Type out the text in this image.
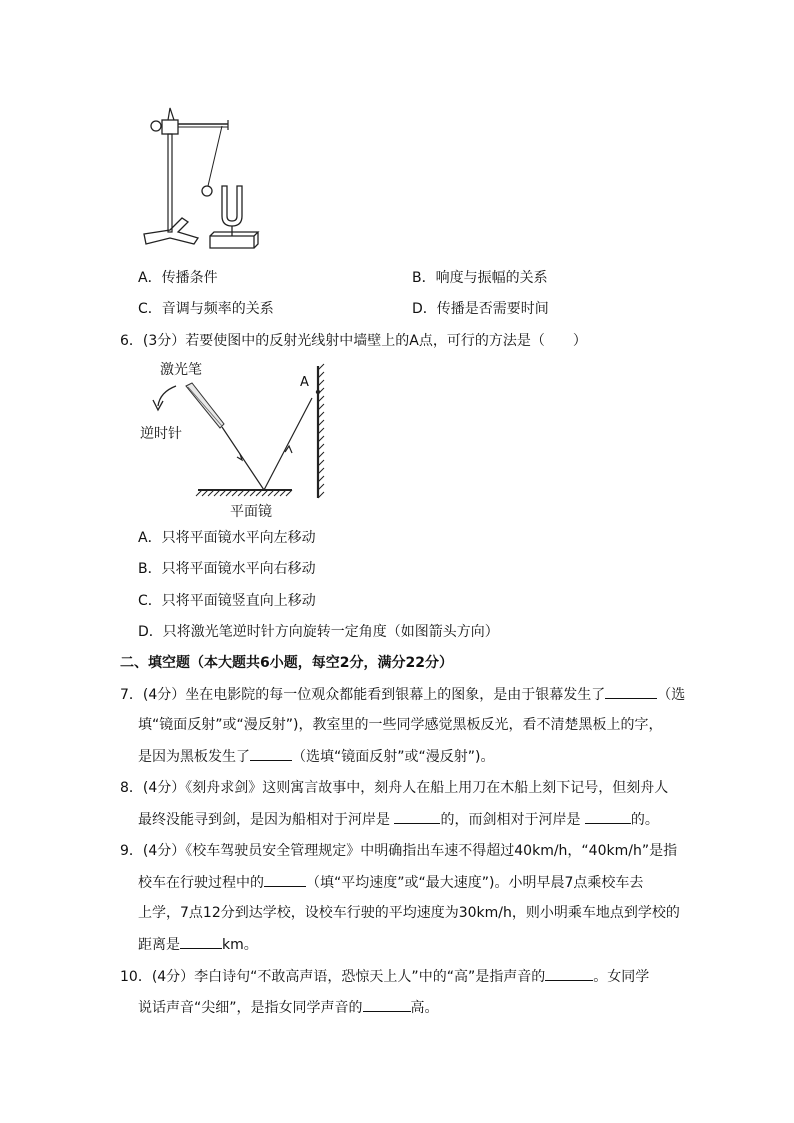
A．传播条件	B．响度与振幅的关系
C．音调与频率的关系	D．传播是否需要时间
6．(3分）若要使图中的反射光线射中墙壁上的A点，可行的方法是（　　）
激光笔
逆时针
A
平面镜
A．只将平面镜水平向左移动
B．只将平面镜水平向右移动
C．只将平面镜竖直向上移动
D．只将激光笔逆时针方向旋转一定角度（如图箭头方向）
二、填空题（本大题共6小题，每空2分，满分22分）
7．(4分）坐在电影院的每一位观众都能看到银幕上的图象，是由于银幕发生了	（选
填“镜面反射”或“漫反射”)，教室里的一些同学感觉黑板反光，看不清楚黑板上的字，
是因为黑板发生了	（选填“镜面反射”或“漫反射”)。
8．(4分）《刻舟求剑》这则寓言故事中，刻舟人在船上用刀在木船上刻下记号，但刻舟人
最终没能寻到剑，是因为船相对于河岸是	的，而剑相对于河岸是	的。
9．(4分）《校车驾驶员安全管理规定》中明确指出车速不得超过40km/h，“40km/h”是指
校车在行驶过程中的	（填“平均速度”或“最大速度”)。小明早晨7点乘校车去
上学，7点12分到达学校，设校车行驶的平均速度为30km/h，则小明乘车地点到学校的
距离是	km。
10．(4分）李白诗句“不敢高声语，恐惊天上人”中的“高”是指声音的	。女同学
说话声音“尖细”，是指女同学声音的	高。
